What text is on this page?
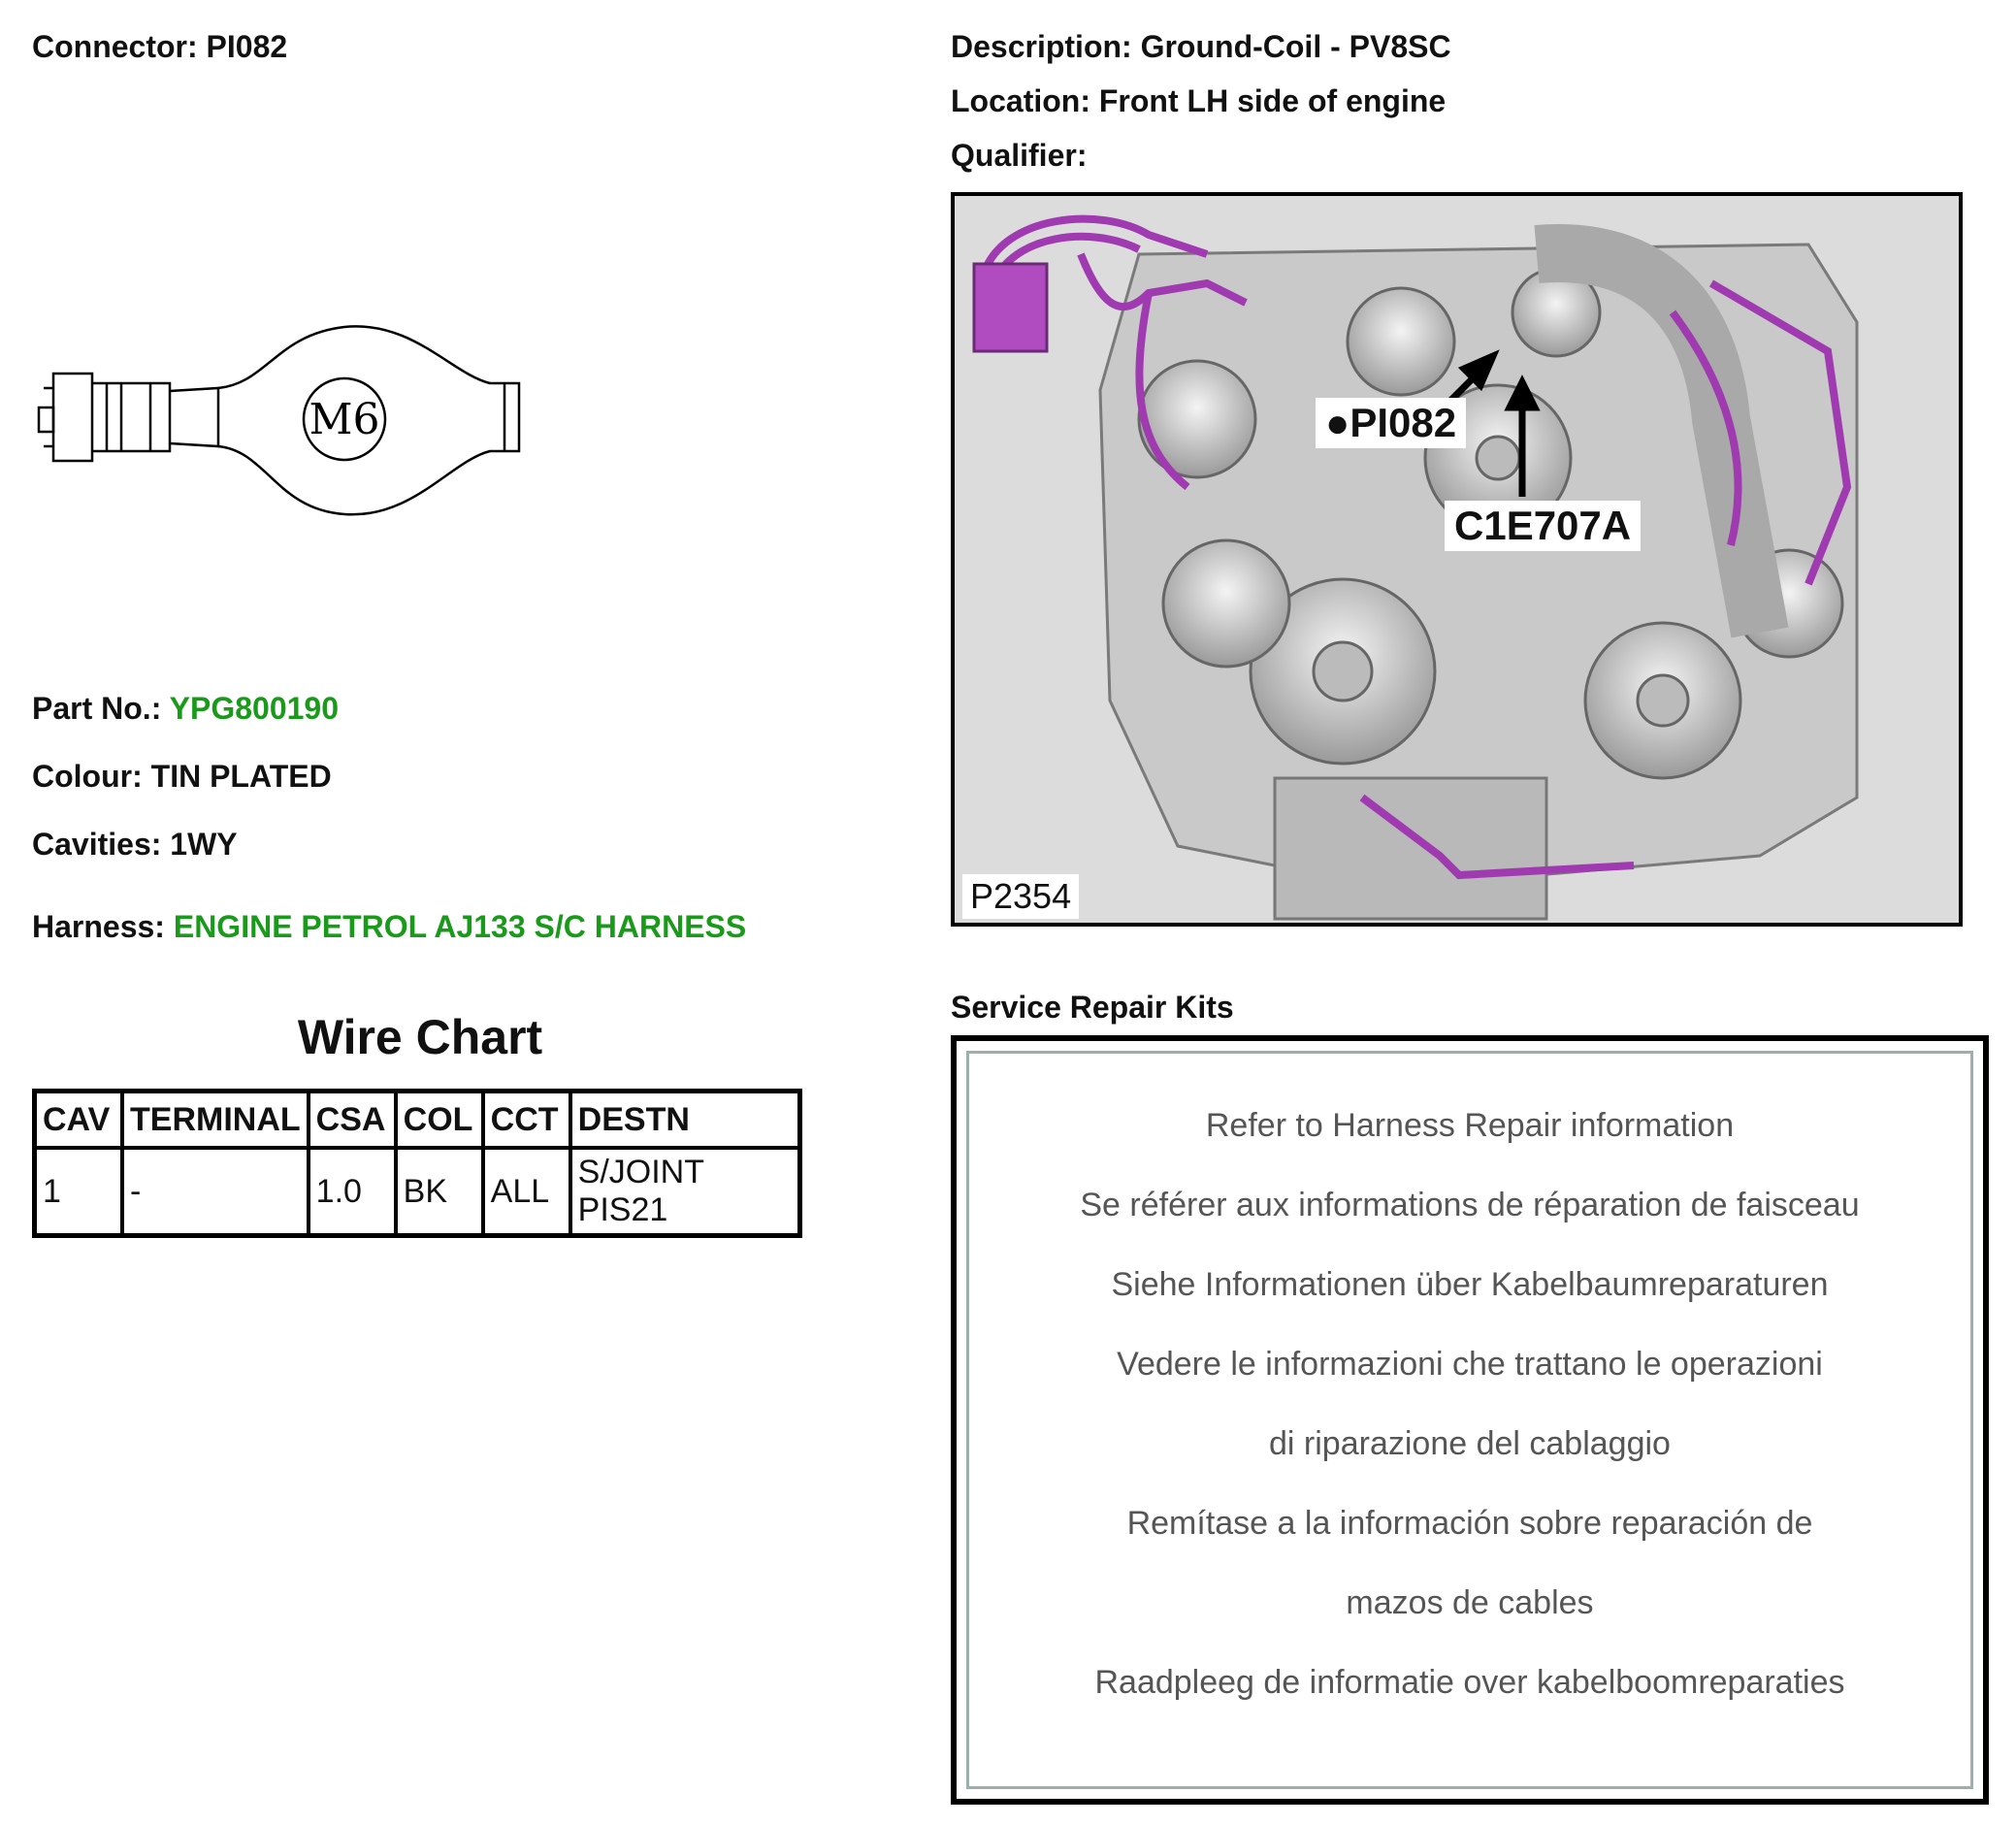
Connector: PI082	Description: Ground-Coil - PV8SC
Location: Front LH side of engine
Qualifier:
M6
Part No.: YPG800190
Colour: TIN PLATED
Cavities: 1WY
Harness: ENGINE PETROL AJ133 S/C HARNESS
Wire Chart
CAV	TERMINAL	CSA	COL	CCT	DESTN
1	-	1.0	BK	ALL	S/JOINT PIS21
●PI082
C1E707A
P2354
Service Repair Kits
Refer to Harness Repair information
Se référer aux informations de réparation de faisceau
Siehe Informationen über Kabelbaumreparaturen
Vedere le informazioni che trattano le operazioni
di riparazione del cablaggio
Remítase a la información sobre reparación de
mazos de cables
Raadpleeg de informatie over kabelboomreparaties
